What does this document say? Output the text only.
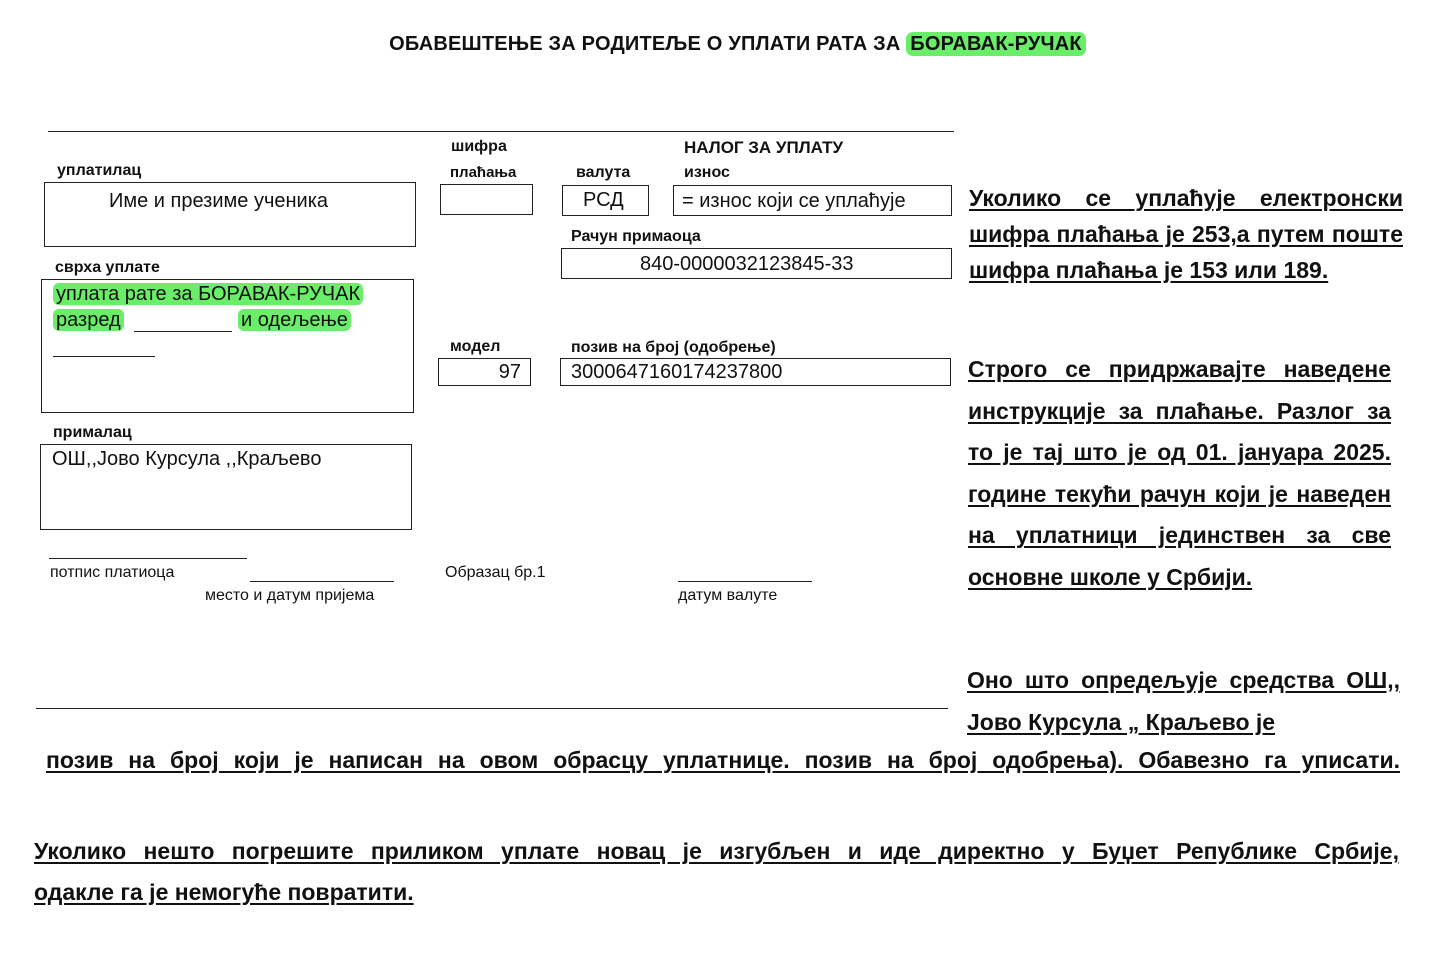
ОБАВЕШТЕЊЕ ЗА РОДИТЕЉЕ О УПЛАТИ РАТА ЗА БОРАВАК-РУЧАК
уплатилац
Име и презиме ученика
сврха уплате
уплата рате за БОРАВАК-РУЧАК
разред	и одељење
прималац
ОШ,,Јово Курсула ,,Краљево
шифра
плаћања	валута
РСД
НАЛОГ ЗА УПЛАТУ
износ
= износ који се уплаћује
Рачун примаоца
840-0000032123845-33
модел
97
позив на број (одобрење)
3000647160174237800
потпис платиоца
место и датум пријема
Образац бр.1
датум валуте

Уколико се уплаћује електронски шифра плаћања је 253,а путем поште шифра плаћања је 153 или 189.

Строго се придржавајте наведене инструкције за плаћање. Разлог за то је тај што је од 01. јануара 2025. године текући рачун који је наведен на уплатници јединствен за све основне школе у Србији.

Оно што опредељује средства ОШ,, Јово Курсула „ Краљево је

позив на број који је написан на овом обрасцу уплатнице. позив на број одобрења). Обавезно га уписати.
Уколико нешто погрешите приликом уплате новац је изгубљен и иде директно у Буџет Републике Србије,
одакле га је немогуће повратити.
